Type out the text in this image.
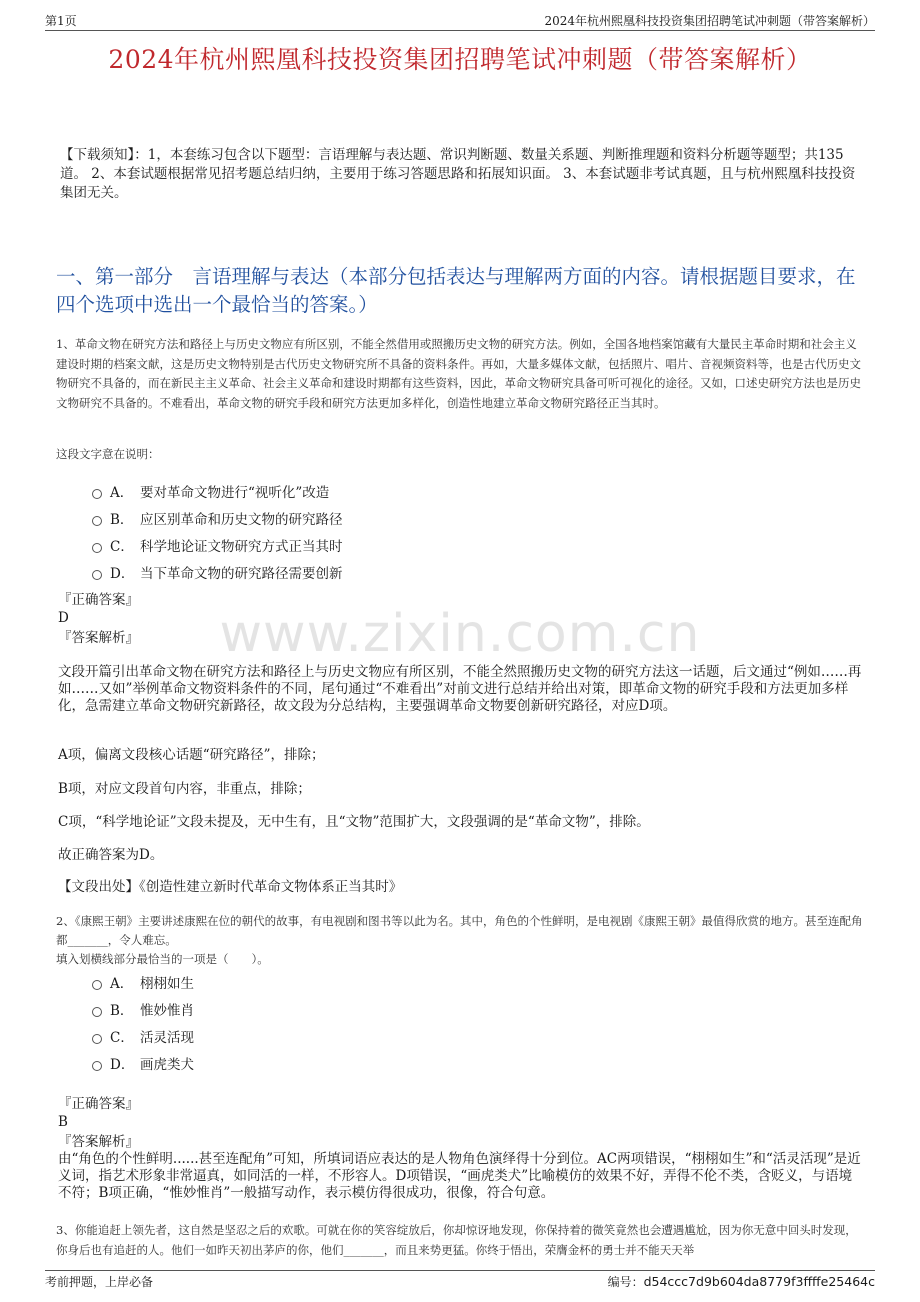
第1页	2024年杭州熙凰科技投资集团招聘笔试冲刺题（带答案解析）
2024年杭州熙凰科技投资集团招聘笔试冲刺题（带答案解析）
【下载须知】：1，本套练习包含以下题型：言语理解与表达题、常识判断题、数量关系题、判断推理题和资料分析题等题型；共135道。 2、本套试题根据常见招考题总结归纳，主要用于练习答题思路和拓展知识面。 3、本套试题非考试真题，且与杭州熙凰科技投资集团无关。
一、第一部分　言语理解与表达（本部分包括表达与理解两方面的内容。请根据题目要求，在四个选项中选出一个最恰当的答案。）
1、革命文物在研究方法和路径上与历史文物应有所区别，不能全然借用或照搬历史文物的研究方法。例如，全国各地档案馆藏有大量民主革命时期和社会主义建设时期的档案文献，这是历史文物特别是古代历史文物研究所不具备的资料条件。再如，大量多媒体文献，包括照片、唱片、音视频资料等，也是古代历史文物研究不具备的，而在新民主主义革命、社会主义革命和建设时期都有这些资料，因此，革命文物研究具备可听可视化的途径。又如，口述史研究方法也是历史文物研究不具备的。不难看出，革命文物的研究手段和研究方法更加多样化，创造性地建立革命文物研究路径正当其时。
这段文字意在说明：
A． 要对革命文物进行“视听化”改造
B． 应区别革命和历史文物的研究路径
C． 科学地论证文物研究方式正当其时
D． 当下革命文物的研究路径需要创新
『正确答案』
D
『答案解析』
文段开篇引出革命文物在研究方法和路径上与历史文物应有所区别，不能全然照搬历史文物的研究方法这一话题，后文通过“例如……再如……又如”举例革命文物资料条件的不同，尾句通过“不难看出”对前文进行总结并给出对策，即革命文物的研究手段和方法更加多样化，急需建立革命文物研究新路径，故文段为分总结构，主要强调革命文物要创新研究路径，对应D项。
A项，偏离文段核心话题“研究路径”，排除；
B项，对应文段首句内容，非重点，排除；
C项，“科学地论证”文段未提及，无中生有，且“文物”范围扩大，文段强调的是“革命文物”，排除。
故正确答案为D。
【文段出处】《创造性建立新时代革命文物体系正当其时》
2、《康熙王朝》主要讲述康熙在位的朝代的故事，有电视剧和图书等以此为名。其中，角色的个性鲜明，是电视剧《康熙王朝》最值得欣赏的地方。甚至连配角都_______，令人难忘。
填入划横线部分最恰当的一项是（　　）。
A． 栩栩如生
B． 惟妙惟肖
C． 活灵活现
D． 画虎类犬
『正确答案』
B
『答案解析』
由“角色的个性鲜明......甚至连配角”可知，所填词语应表达的是人物角色演绎得十分到位。AC两项错误，“栩栩如生”和“活灵活现”是近义词，指艺术形象非常逼真，如同活的一样，不形容人。D项错误，“画虎类犬”比喻模仿的效果不好，弄得不伦不类，含贬义，与语境不符；B项正确，“惟妙惟肖”一般描写动作，表示模仿得很成功，很像，符合句意。
3、你能追赶上领先者，这自然是坚忍之后的欢歌。可就在你的笑容绽放后，你却惊讶地发现，你保持着的微笑竟然也会遭遇尴尬，因为你无意中回头时发现，你身后也有追赶的人。他们一如昨天初出茅庐的你，他们_______，而且来势更猛。你终于悟出，荣膺金杯的勇士并不能天天举
www.zixin.com.cn
考前押题，上岸必备	编号：d54ccc7d9b604da8779f3ffffe25464c
